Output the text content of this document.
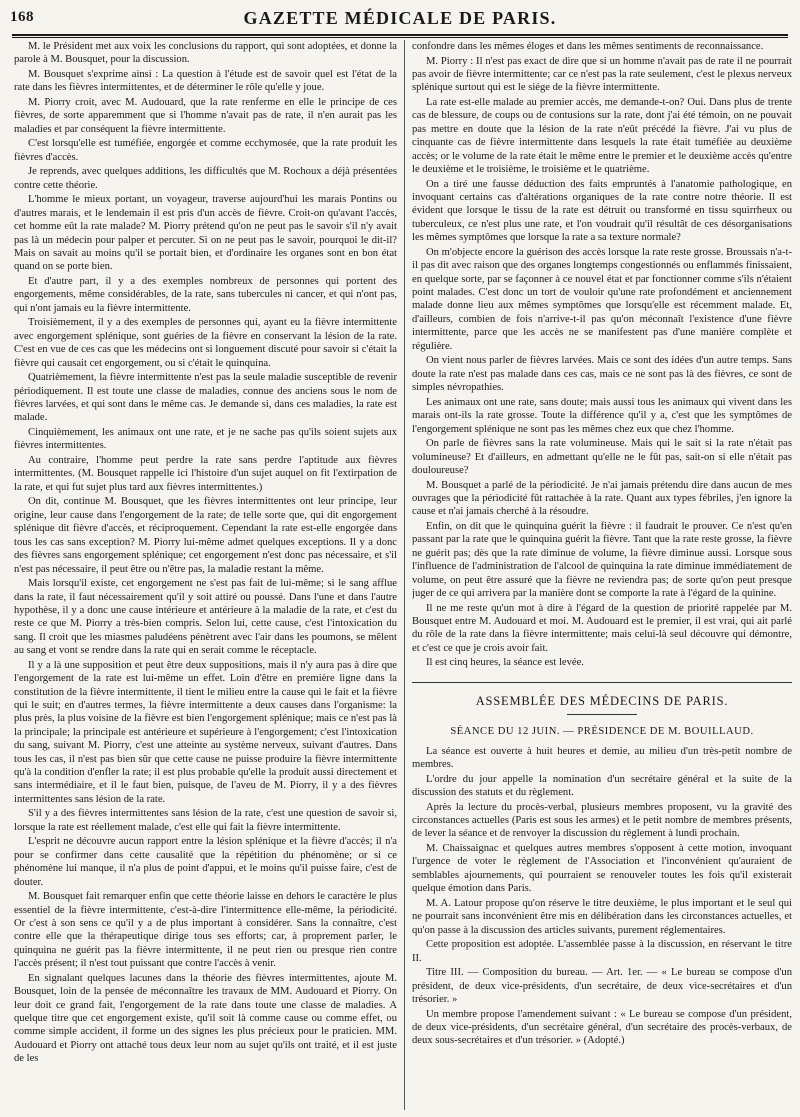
168	GAZETTE MÉDICALE DE PARIS.

M. le Président met aux voix les conclusions du rapport, qui sont adoptées, et donne la parole à M. Bousquet, pour la discussion.

M. Bousquet s'exprime ainsi : La question à l'étude est de savoir quel est l'état de la rate dans les fièvres intermittentes, et de déterminer le rôle qu'elle y joue.

M. Piorry croit, avec M. Audouard, que la rate renferme en elle le principe de ces fièvres, de sorte apparemment que si l'homme n'avait pas de rate, il n'en aurait pas les maladies et par conséquent la fièvre intermittente.

C'est lorsqu'elle est tuméfiée, engorgée et comme ecchymosée, que la rate produit les fièvres d'accès.

Je reprends, avec quelques additions, les difficultés que M. Rochoux a déjà présentées contre cette théorie.

L'homme le mieux portant, un voyageur, traverse aujourd'hui les marais Pontins ou d'autres marais, et le lendemain il est pris d'un accès de fièvre. Croit-on qu'avant l'accès, cet homme eût la rate malade? M. Piorry prétend qu'on ne peut pas le savoir s'il n'y avait pas là un médecin pour palper et percuter. Si on ne peut pas le savoir, pourquoi le dit-il? Mais on savait au moins qu'il se portait bien, et d'ordinaire les organes sont en bon état quand on se porte bien.

Et d'autre part, il y a des exemples nombreux de personnes qui portent des engorgements, même considérables, de la rate, sans tubercules ni cancer, et qui n'ont pas, qui n'ont jamais eu la fièvre intermittente.

Troisièmement, il y a des exemples de personnes qui, ayant eu la fièvre intermittente avec engorgement splénique, sont guéries de la fièvre en conservant la lésion de la rate. C'est en vue de ces cas que les médecins ont si longuement discuté pour savoir si c'était la fièvre qui causait cet engorgement, ou si c'était le quinquina.

Quatrièmement, la fièvre intermittente n'est pas la seule maladie susceptible de revenir périodiquement. Il est toute une classe de maladies, connue des anciens sous le nom de fièvres larvées, et qui sont dans le même cas. Je demande si, dans ces maladies, la rate est malade.

Cinquièmement, les animaux ont une rate, et je ne sache pas qu'ils soient sujets aux fièvres intermittentes.

Au contraire, l'homme peut perdre la rate sans perdre l'aptitude aux fièvres intermittentes. (M. Bousquet rappelle ici l'histoire d'un sujet auquel on fit l'extirpation de la rate, et qui fut sujet plus tard aux fièvres intermittentes.)

On dit, continue M. Bousquet, que les fièvres intermittentes ont leur principe, leur origine, leur cause dans l'engorgement de la rate; de telle sorte que, qui dit engorgement splénique dit fièvre d'accès, et réciproquement. Cependant la rate est-elle engorgée dans tous les cas sans exception? M. Piorry lui-même admet quelques exceptions. Il y a donc des fièvres sans engorgement splénique; cet engorgement n'est donc pas nécessaire, et s'il n'est pas nécessaire, il peut être ou n'être pas, la maladie restant la même.

Mais lorsqu'il existe, cet engorgement ne s'est pas fait de lui-même; si le sang afflue dans la rate, il faut nécessairement qu'il y soit attiré ou poussé. Dans l'une et dans l'autre hypothèse, il y a donc une cause intérieure et antérieure à la maladie de la rate, et c'est du reste ce que M. Piorry a très-bien compris. Selon lui, cette cause, c'est l'intoxication du sang. Il croit que les miasmes paludéens pénètrent avec l'air dans les poumons, se mêlent au sang et vont se rendre dans la rate qui en serait comme le réceptacle.

Il y a là une supposition et peut être deux suppositions, mais il n'y aura pas à dire que l'engorgement de la rate est lui-même un effet. Loin d'être en première ligne dans la constitution de la fièvre intermittente, il tient le milieu entre la cause qui le fait et la fièvre qui le suit; en d'autres termes, la fièvre intermittente a deux causes dans l'organisme: la plus près, la plus voisine de la fièvre est bien l'engorgement splénique; mais ce n'est pas là la principale; la principale est antérieure et supérieure à l'engorgement; c'est l'intoxication du sang, suivant M. Piorry, c'est une atteinte au système nerveux, suivant d'autres. Dans tous les cas, il n'est pas bien sûr que cette cause ne puisse produire la fièvre intermittente qu'à la condition d'enfler la rate; il est plus probable qu'elle la produit aussi directement et sans intermédiaire, et il le faut bien, puisque, de l'aveu de M. Piorry, il y a des fièvres intermittentes sans lésion de la rate.

S'il y a des fièvres intermittentes sans lésion de la rate, c'est une question de savoir si, lorsque la rate est réellement malade, c'est elle qui fait la fièvre intermittente.

L'esprit ne découvre aucun rapport entre la lésion splénique et la fièvre d'accès; il n'a pour se confirmer dans cette causalité que la répétition du phénomène; or si ce phénomène lui manque, il n'a plus de point d'appui, et le moins qu'il puisse faire, c'est de douter.

M. Bousquet fait remarquer enfin que cette théorie laisse en dehors le caractère le plus essentiel de la fièvre intermittente, c'est-à-dire l'intermittence elle-même, la périodicité. Or c'est à son sens ce qu'il y a de plus important à considérer. Sans la connaître, c'est contre elle que la thérapeutique dirige tous ses efforts; car, à proprement parler, le quinquina ne guérit pas la fièvre intermittente, il ne peut rien ou presque rien contre l'accès présent; il n'est tout puissant que contre l'accès à venir.

En signalant quelques lacunes dans la théorie des fièvres intermittentes, ajoute M. Bousquet, loin de la pensée de méconnaître les travaux de MM. Audouard et Piorry. On leur doit ce grand fait, l'engorgement de la rate dans toute une classe de maladies. A quelque titre que cet engorgement existe, qu'il soit là comme cause ou comme effet, ou comme simple accident, il forme un des signes les plus précieux pour le praticien. MM. Audouard et Piorry ont attaché tous deux leur nom au sujet qu'ils ont traité, et il est juste de les

confondre dans les mêmes éloges et dans les mêmes sentiments de reconnaissance.

M. Piorry : Il n'est pas exact de dire que si un homme n'avait pas de rate il ne pourrait pas avoir de fièvre intermittente; car ce n'est pas la rate seulement, c'est le plexus nerveux splénique surtout qui est le siége de la fièvre intermittente.

La rate est-elle malade au premier accès, me demande-t-on? Oui. Dans plus de trente cas de blessure, de coups ou de contusions sur la rate, dont j'ai été témoin, on ne pouvait pas mettre en doute que la lésion de la rate n'eût précédé la fièvre. J'ai vu plus de cinquante cas de fièvre intermittente dans lesquels la rate était tuméfiée au deuxième accès; or le volume de la rate était le même entre le premier et le deuxième accès qu'entre le deuxième et le troisième, le troisième et le quatrième.

On a tiré une fausse déduction des faits empruntés à l'anatomie pathologique, en invoquant certains cas d'altérations organiques de la rate contre notre théorie. Il est évident que lorsque le tissu de la rate est détruit ou transformé en tissu squirrheux ou tuberculeux, ce n'est plus une rate, et l'on voudrait qu'il résultât de ces désorganisations les mêmes symptômes que lorsque la rate a sa texture normale?

On m'objecte encore la guérison des accès lorsque la rate reste grosse. Broussais n'a-t-il pas dit avec raison que des organes longtemps congestionnés ou enflammés finissaient, en quelque sorte, par se façonner à ce nouvel état et par fonctionner comme s'ils n'étaient point malades. C'est donc un tort de vouloir qu'une rate profondément et anciennement malade donne lieu aux mêmes symptômes que lorsqu'elle est récemment malade. Et, d'ailleurs, combien de fois n'arrive-t-il pas qu'on méconnaît l'existence d'une fièvre intermittente, parce que les accès ne se manifestent pas d'une manière complète et régulière.

On vient nous parler de fièvres larvées. Mais ce sont des idées d'un autre temps. Sans doute la rate n'est pas malade dans ces cas, mais ce ne sont pas là des fièvres, ce sont de simples névropathies.

Les animaux ont une rate, sans doute; mais aussi tous les animaux qui vivent dans les marais ont-ils la rate grosse. Toute la différence qu'il y a, c'est que les symptômes de l'engorgement splénique ne sont pas les mêmes chez eux que chez l'homme.

On parle de fièvres sans la rate volumineuse. Mais qui le sait si la rate n'était pas volumineuse? Et d'ailleurs, en admettant qu'elle ne le fût pas, sait-on si elle n'était pas douloureuse?

M. Bousquet a parlé de la périodicité. Je n'ai jamais prétendu dire dans aucun de mes ouvrages que la périodicité fût rattachée à la rate. Quant aux types fébriles, j'en ignore la cause et n'ai jamais cherché à la résoudre.

Enfin, on dit que le quinquina guérit la fièvre : il faudrait le prouver. Ce n'est qu'en passant par la rate que le quinquina guérit la fièvre. Tant que la rate reste grosse, la fièvre ne guérit pas; dès que la rate diminue de volume, la fièvre diminue aussi. Lorsque sous l'influence de l'administration de l'alcool de quinquina la rate diminue immédiatement de volume, on peut être assuré que la fièvre ne reviendra pas; de sorte qu'on peut presque juger de ce qui arrivera par la manière dont se comporte la rate à l'égard de la quinine.

Il ne me reste qu'un mot à dire à l'égard de la question de priorité rappelée par M. Bousquet entre M. Audouard et moi. M. Audouard est le premier, il est vrai, qui ait parlé du rôle de la rate dans la fièvre intermittente; mais celui-là seul découvre qui démontre, et c'est ce que je crois avoir fait.

Il est cinq heures, la séance est levée.

ASSEMBLÉE DES MÉDECINS DE PARIS.
SÉANCE DU 12 JUIN. — PRÉSIDENCE DE M. BOUILLAUD.

La séance est ouverte à huit heures et demie, au milieu d'un très-petit nombre de membres.

L'ordre du jour appelle la nomination d'un secrétaire général et la suite de la discussion des statuts et du règlement.

Après la lecture du procès-verbal, plusieurs membres proposent, vu la gravité des circonstances actuelles (Paris est sous les armes) et le petit nombre de membres présents, de lever la séance et de renvoyer la discussion du règlement à lundi prochain.

M. Chaissaignac et quelques autres membres s'opposent à cette motion, invoquant l'urgence de voter le règlement de l'Association et l'inconvénient qu'auraient de semblables ajournements, qui pourraient se renouveler toutes les fois qu'il existerait quelque émotion dans Paris.

M. A. Latour propose qu'on réserve le titre deuxième, le plus important et le seul qui ne pourrait sans inconvénient être mis en délibération dans les circonstances actuelles, et qu'on passe à la discussion des articles suivants, purement réglementaires.

Cette proposition est adoptée. L'assemblée passe à la discussion, en réservant le titre II.

Titre III. — Composition du bureau. — Art. 1er. — « Le bureau se compose d'un président, de deux vice-présidents, d'un secrétaire, de deux vice-secrétaires et d'un trésorier. »

Un membre propose l'amendement suivant : « Le bureau se compose d'un président, de deux vice-présidents, d'un secrétaire général, d'un secrétaire des procès-verbaux, de deux sous-secrétaires et d'un trésorier. » (Adopté.)
